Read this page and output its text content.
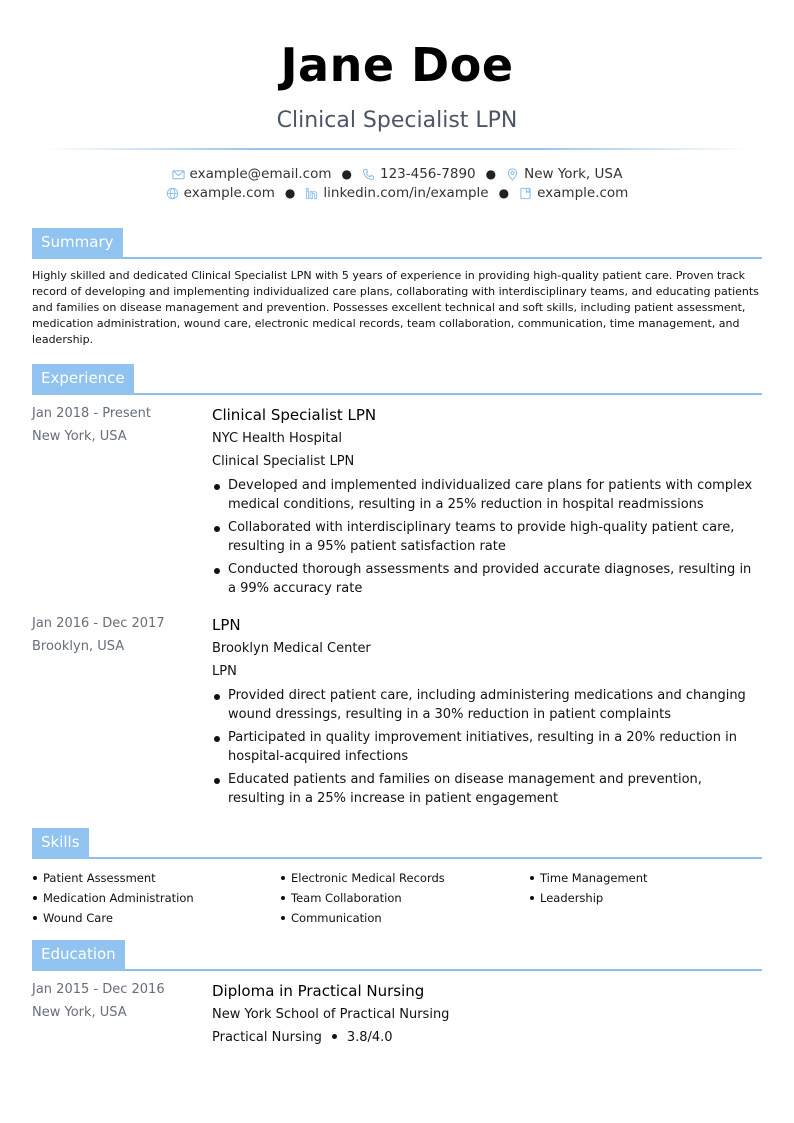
Jane Doe
Clinical Specialist LPN
example@email.com ● 123-456-7890 ● New York, USA
example.com ● linkedin.com/in/example ● example.com
Summary

Highly skilled and dedicated Clinical Specialist LPN with 5 years of experience in providing high-quality patient care. Proven track record of developing and implementing individualized care plans, collaborating with interdisciplinary teams, and educating patients and families on disease management and prevention. Possesses excellent technical and soft skills, including patient assessment, medication administration, wound care, electronic medical records, team collaboration, communication, time management, and leadership.

Experience
Jan 2018 - Present
New York, USA
Clinical Specialist LPN
NYC Health Hospital
Clinical Specialist LPN
Developed and implemented individualized care plans for patients with complex medical conditions, resulting in a 25% reduction in hospital readmissions
Collaborated with interdisciplinary teams to provide high-quality patient care, resulting in a 95% patient satisfaction rate
Conducted thorough assessments and provided accurate diagnoses, resulting in a 99% accuracy rate
Jan 2016 - Dec 2017
Brooklyn, USA
LPN
Brooklyn Medical Center
LPN
Provided direct patient care, including administering medications and changing wound dressings, resulting in a 30% reduction in patient complaints
Participated in quality improvement initiatives, resulting in a 20% reduction in hospital-acquired infections
Educated patients and families on disease management and prevention, resulting in a 25% increase in patient engagement
Skills
Patient Assessment	Electronic Medical Records	Time Management
Medication Administration	Team Collaboration	Leadership
Wound Care	Communication
Education
Jan 2015 - Dec 2016
New York, USA
Diploma in Practical Nursing
New York School of Practical Nursing
Practical Nursing 3.8/4.0
